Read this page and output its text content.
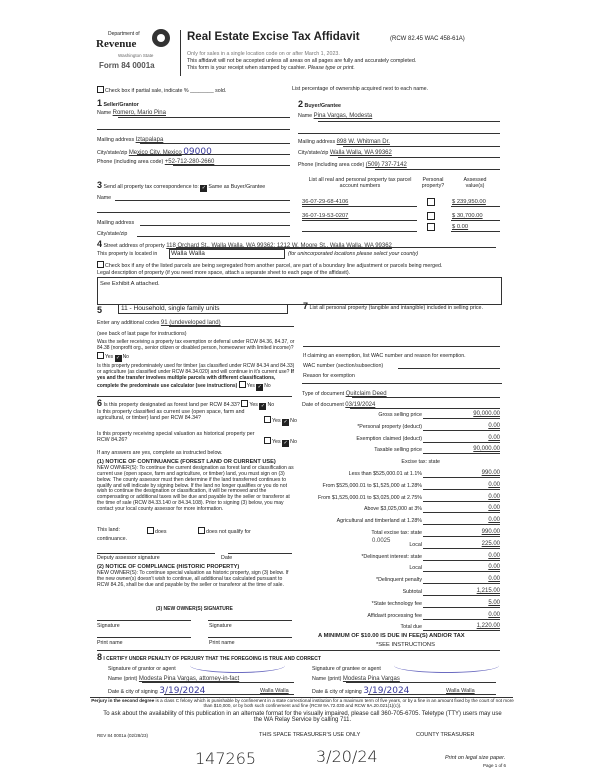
Department of
Revenue
Washington State
Form 84 0001a
Real Estate Excise Tax Affidavit	(RCW 82.45 WAC 458-61A)
Only for sales in a single location code on or after March 1, 2023.
This affidavit will not be accepted unless all areas on all pages are fully and accurately completed.
This form is your receipt when stamped by cashier. Please type or print.
Check box if partial sale, indicate % ________ sold.	List percentage of ownership acquired next to each name.
1 Seller/Grantor
Name Romero, Mario Pina
Mailing address Iztapalapa
City/state/zip Mexico City, Mexico 09000
Phone (including area code) +52-712-280-2660
3 Send all property tax correspondence to: ✓ Same as Buyer/Grantee
Name
Mailing address
City/state/zip
2 Buyer/Grantee
Name Pina Vargas, Modesta
Mailing address 898 W. Whitman Dr.
City/state/zip Walla Walla, WA 99362
Phone (including area code) (509) 737-7142
List all real and personal property tax parcel account numbers
Personal property?
Assessed value(s)
36-07-29-68-4106	$ 239,950.00
36-07-19-53-0207	$ 30,700.00
$ 0.00
4 Street address of property 118 Orchard St., Walla Walla, WA 99362; 1212 W. Moore St., Walla Walla, WA 99362
This property is located in	Walla Walla	(for unincorporated locations please select your county)
Check box if any of the listed parcels are being segregated from another parcel, are part of a boundary line adjustment or parcels being merged.
Legal description of property (if you need more space, attach a separate sheet to each page of the affidavit).
See Exhibit A attached.
5	11 - Household, single family units
Enter any additional codes 91 (undeveloped land)
(see back of last page for instructions)
Was the seller receiving a property tax exemption or deferral under RCW 84.36, 84.37, or 84.38 (nonprofit org., senior citizen or disabled person, homeowner with limited income)? Yes ✓ No
Is this property predominately used for timber (as classified under RCW 84.34 and 84.33) or agriculture (as classified under RCW 84.34.020) and will continue in it's current use? If yes and the transfer involves multiple parcels with different classifications, complete the predominate use calculator (see instructions) Yes ✓ No
6 Is this property designated as forest land per RCW 84.33? Yes ✓ No
Is this property classified as current use (open space, farm and agricultural, or timber) land per RCW 84.34?	Yes ✓ No
Is this property receiving special valuation as historical property per RCW 84.26?	Yes ✓ No
If any answers are yes, complete as instructed below.
(1) NOTICE OF CONTINUANCE (FOREST LAND OR CURRENT USE)
NEW OWNER(S): To continue the current designation as forest land or classification as current use (open space, farm and agriculture, or timber) land, you must sign on (3) below. The county assessor must then determine if the land transferred continues to qualify and will indicate by signing below. If the land no longer qualifies or you do not wish to continue the designation or classification, it will be removed and the compensating or additional taxes will be due and payable by the seller or transferor at the time of sale (RCW 84.33.140 or 84.34.108). Prior to signing (3) below, you may contact your local county assessor for more information.
This land:
continuance.
does	does not qualify for
Deputy assessor signature	Date
(2) NOTICE OF COMPLIANCE (HISTORIC PROPERTY)
NEW OWNER(S): To continue special valuation as historic property, sign (3) below. If the new owner(s) doesn't wish to continue, all additional tax calculated pursuant to RCW 84.26, shall be due and payable by the seller or transferor at the time of sale.
(3) NEW OWNER(S) SIGNATURE
Signature	Signature
Print name	Print name
7 List all personal property (tangible and intangible) included in selling price.
If claiming an exemption, list WAC number and reason for exemption.
WAC number (section/subsection)
Reason for exemption
Type of document Quitclaim Deed
Date of document 03/19/2024
Gross selling price	90,000.00
*Personal property (deduct)	0.00
Exemption claimed (deduct)	0.00
Taxable selling price	90,000.00
Excise tax: state
Less than $525,000.01 at 1.1%	990.00
From $525,000.01 to $1,525,000 at 1.28%	0.00
From $1,525,000.01 to $3,025,000 at 2.75%	0.00
Above $3,025,000 at 3%	0.00
Agricultural and timberland at 1.28%	0.00
Total excise tax: state	990.00
Local	225.00
*Delinquent interest: state	0.00
Local	0.00
*Delinquent penalty	0.00
Subtotal	1,215.00
*State technology fee	5.00
Affidavit processing fee	0.00
Total due	1,220.00
0.0025
A MINIMUM OF $10.00 IS DUE IN FEE(S) AND/OR TAX
*SEE INSTRUCTIONS
8 I CERTIFY UNDER PENALTY OF PERJURY THAT THE FOREGOING IS TRUE AND CORRECT
Signature of grantor or agent
Name (print) Modesta Pina Vargas, attorney-in-fact
Date & city of signing 3/19/2024	Walla Walla
Signature of grantee or agent
Name (print) Modesta Pina Vargas
Date & city of signing 3/19/2024	Walla Walla
Perjury in the second degree is a class C felony which is punishable by confinement in a state correctional institution for a maximum term of five years, or by a fine in an amount fixed by the court of not more than $10,000, or by both such confinement and fine (RCW 9A.72.030 and RCW 9A.20.021(1)(c)).
To ask about the availability of this publication in an alternate format for the visually impaired, please call 360-705-6705. Teletype (TTY) users may use the WA Relay Service by calling 711.
REV 84 0001a (02/28/23)	THIS SPACE TREASURER'S USE ONLY	COUNTY TREASURER
147265	3/20/24	Print on legal size paper.
Page 1 of 6
